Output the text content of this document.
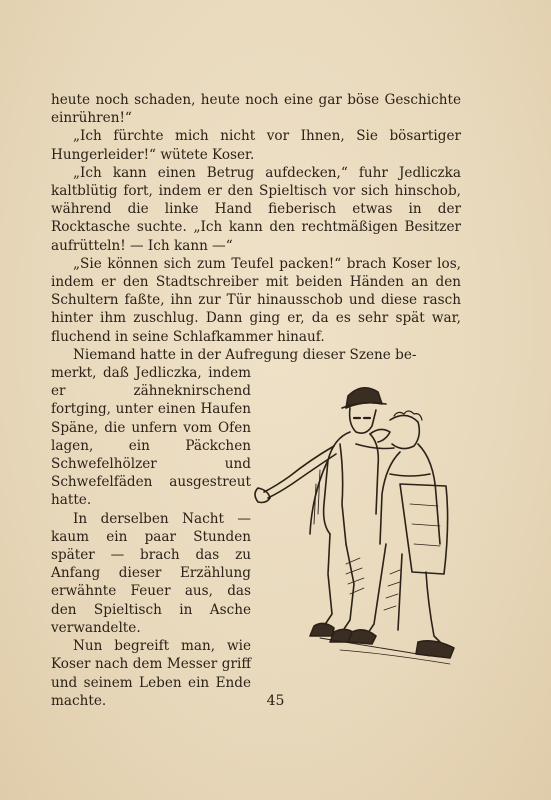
heute noch schaden, heute noch eine gar böse Geschichte einrühren!“

„Ich fürchte mich nicht vor Ihnen, Sie bösartiger Hungerleider!“ wütete Koser.

„Ich kann einen Betrug aufdecken,“ fuhr Jedliczka kaltblütig fort, indem er den Spieltisch vor sich hinschob, während die linke Hand fieberisch etwas in der Rocktasche suchte. „Ich kann den rechtmäßigen Besitzer aufrütteln! — Ich kann —“

„Sie können sich zum Teufel packen!“ brach Koser los, indem er den Stadtschreiber mit beiden Händen an den Schultern faßte, ihn zur Tür hinausschob und diese rasch hinter ihm zuschlug. Dann ging er, da es sehr spät war, fluchend in seine Schlafkammer hinauf.

Niemand hatte in der Aufregung dieser Szene be-

merkt, daß Jedliczka, indem er zähneknirschend fortging, unter einen Haufen Späne, die unfern vom Ofen lagen, ein Päckchen Schwefelhölzer und Schwefelfäden ausgestreut hatte.

In derselben Nacht — kaum ein paar Stunden später — brach das zu Anfang dieser Erzählung erwähnte Feuer aus, das den Spieltisch in Asche verwandelte.

Nun begreift man, wie Koser nach dem Messer griff und seinem Leben ein Ende machte.	45
